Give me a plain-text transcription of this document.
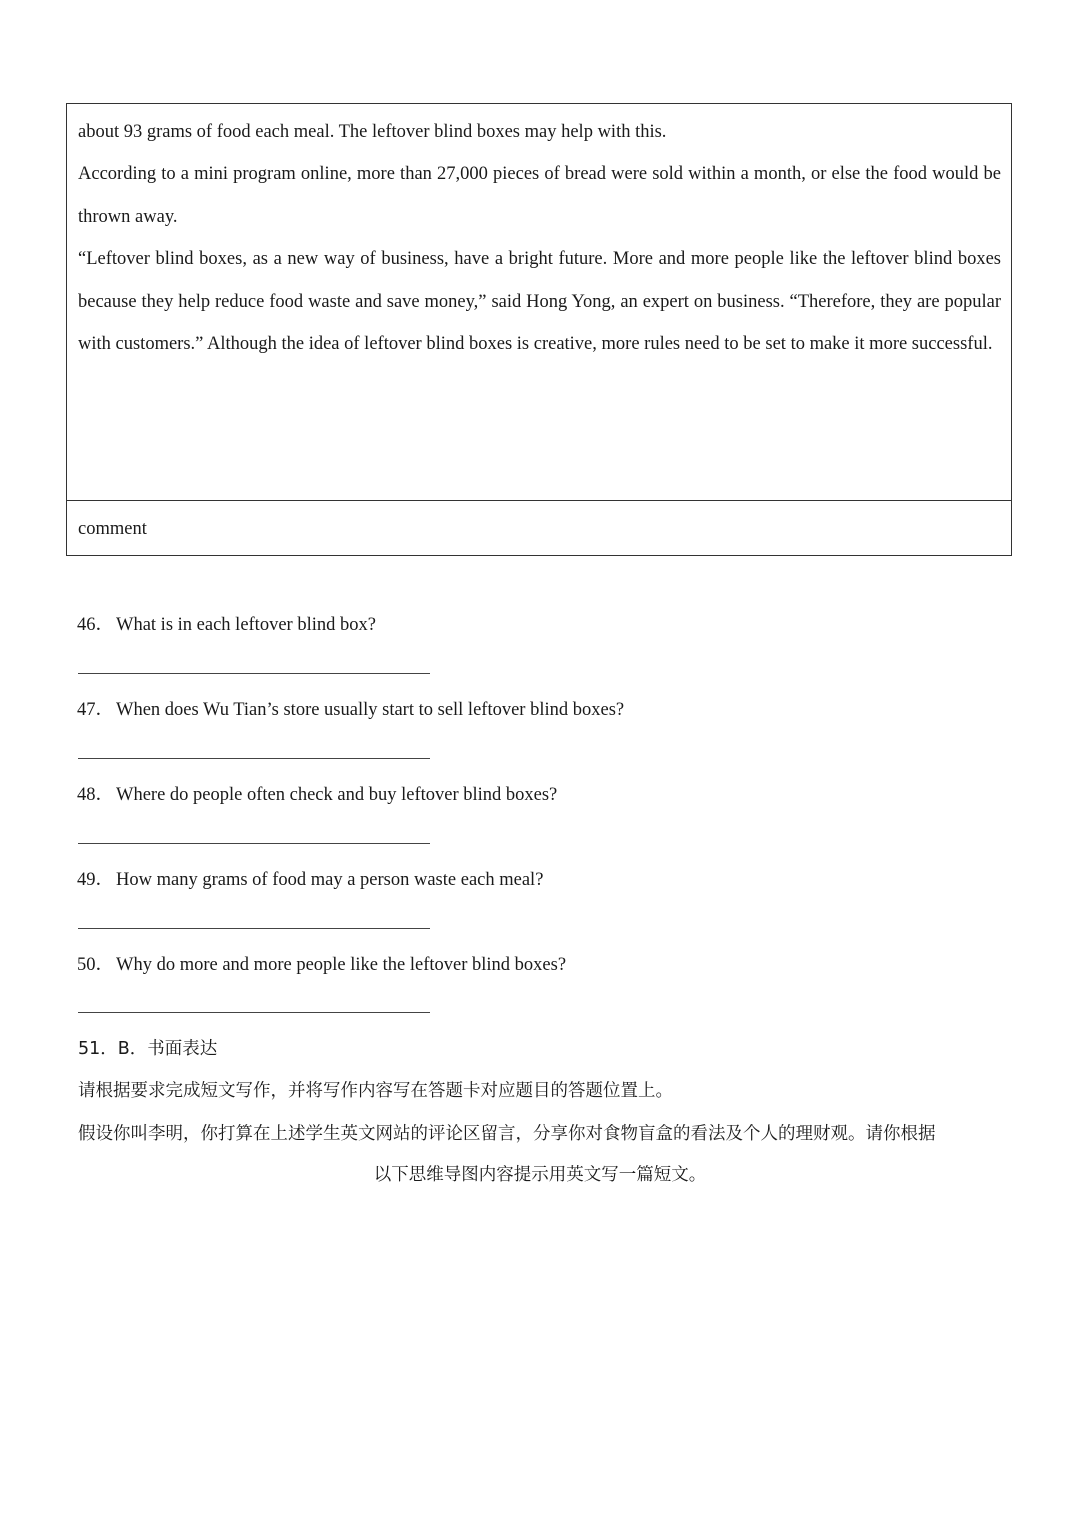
about 93 grams of food each meal. The leftover blind boxes may help with this.

According to a mini program online, more than 27,000 pieces of bread were sold within a month, or else the food would be thrown away.

“Leftover blind boxes, as a new way of business, have a bright future. More and more people like the leftover blind boxes because they help reduce food waste and save money,” said Hong Yong, an expert on business. “Therefore, they are popular with customers.” Although the idea of leftover blind boxes is creative, more rules need to be set to make it more successful.

comment
46． What is in each leftover blind box?
47． When does Wu Tian’s store usually start to sell leftover blind boxes?
48． Where do people often check and buy leftover blind boxes?
49． How many grams of food may a person waste each meal?
50． Why do more and more people like the leftover blind boxes?
51．B．书面表达
请根据要求完成短文写作，并将写作内容写在答题卡对应题目的答题位置上。
假设你叫李明，你打算在上述学生英文网站的评论区留言，分享你对食物盲盒的看法及个人的理财观。请你根据
以下思维导图内容提示用英文写一篇短文。
